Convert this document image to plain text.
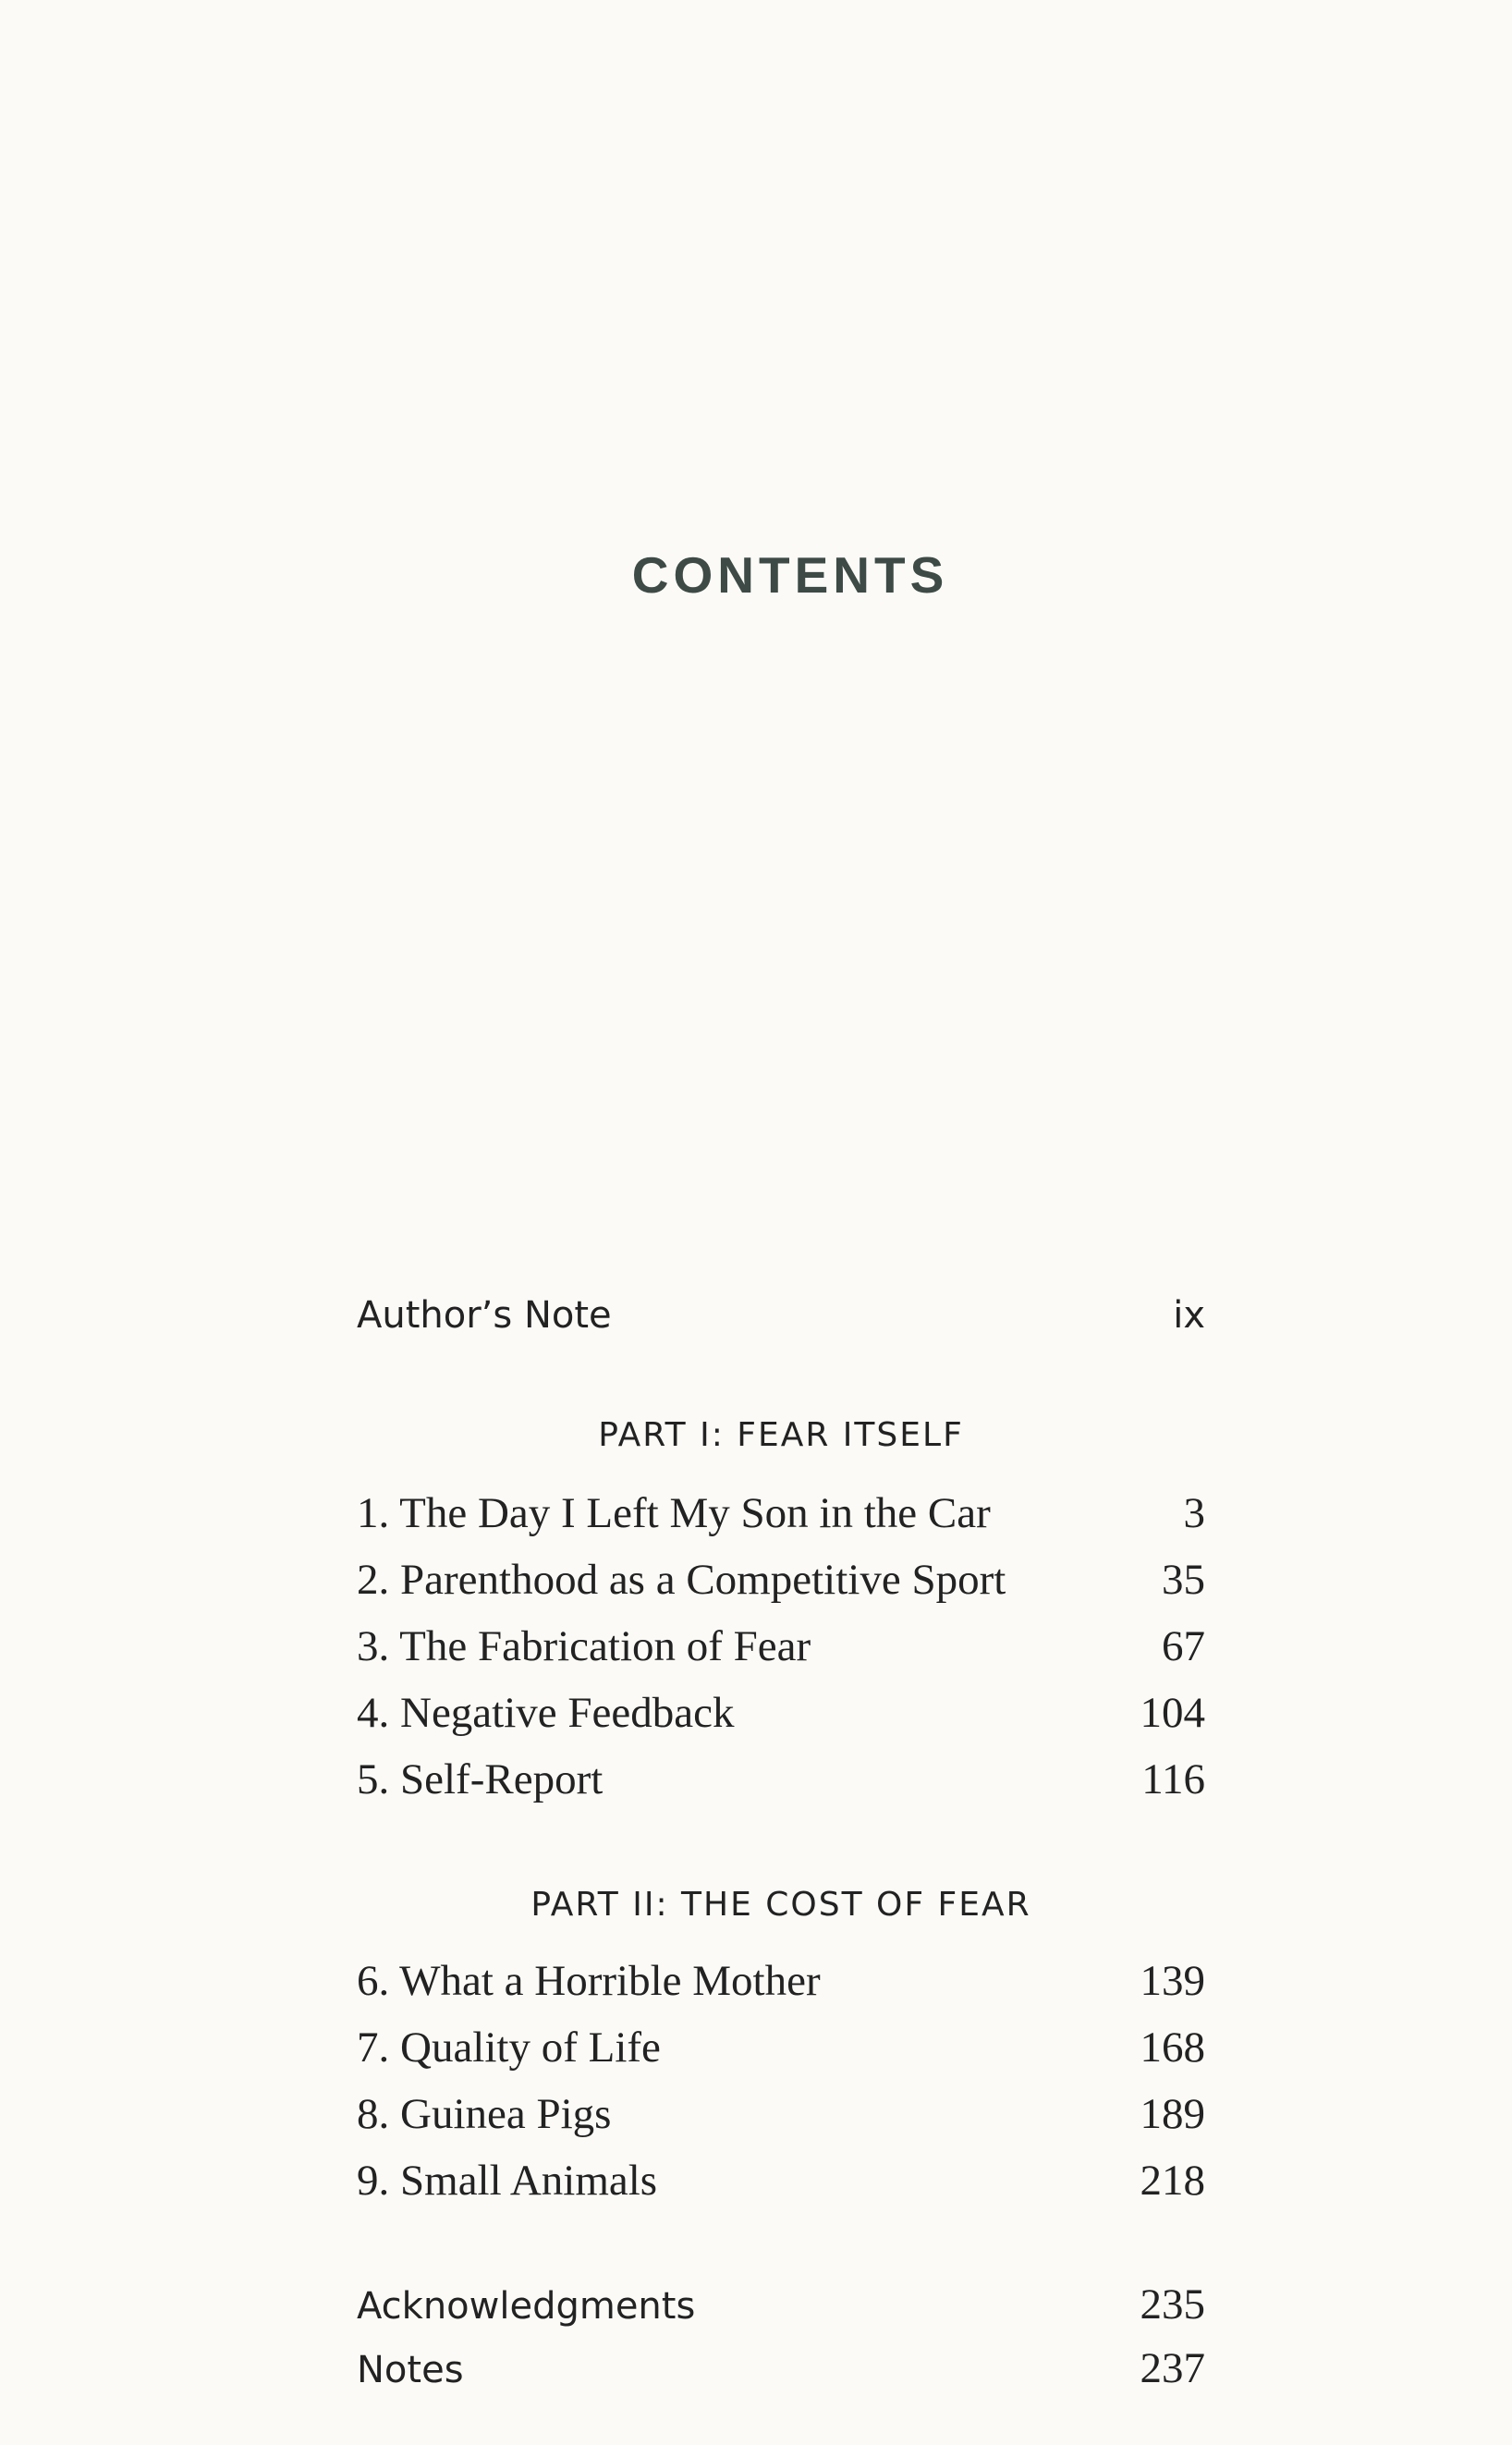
CONTENTS
Author’s Note	ix
PART I: FEAR ITSELF
1. The Day I Left My Son in the Car	3
2. Parenthood as a Competitive Sport	35
3. The Fabrication of Fear	67
4. Negative Feedback	104
5. Self-Report	116
PART II: THE COST OF FEAR
6. What a Horrible Mother	139
7. Quality of Life	168
8. Guinea Pigs	189
9. Small Animals	218
Acknowledgments	235
Notes	237
